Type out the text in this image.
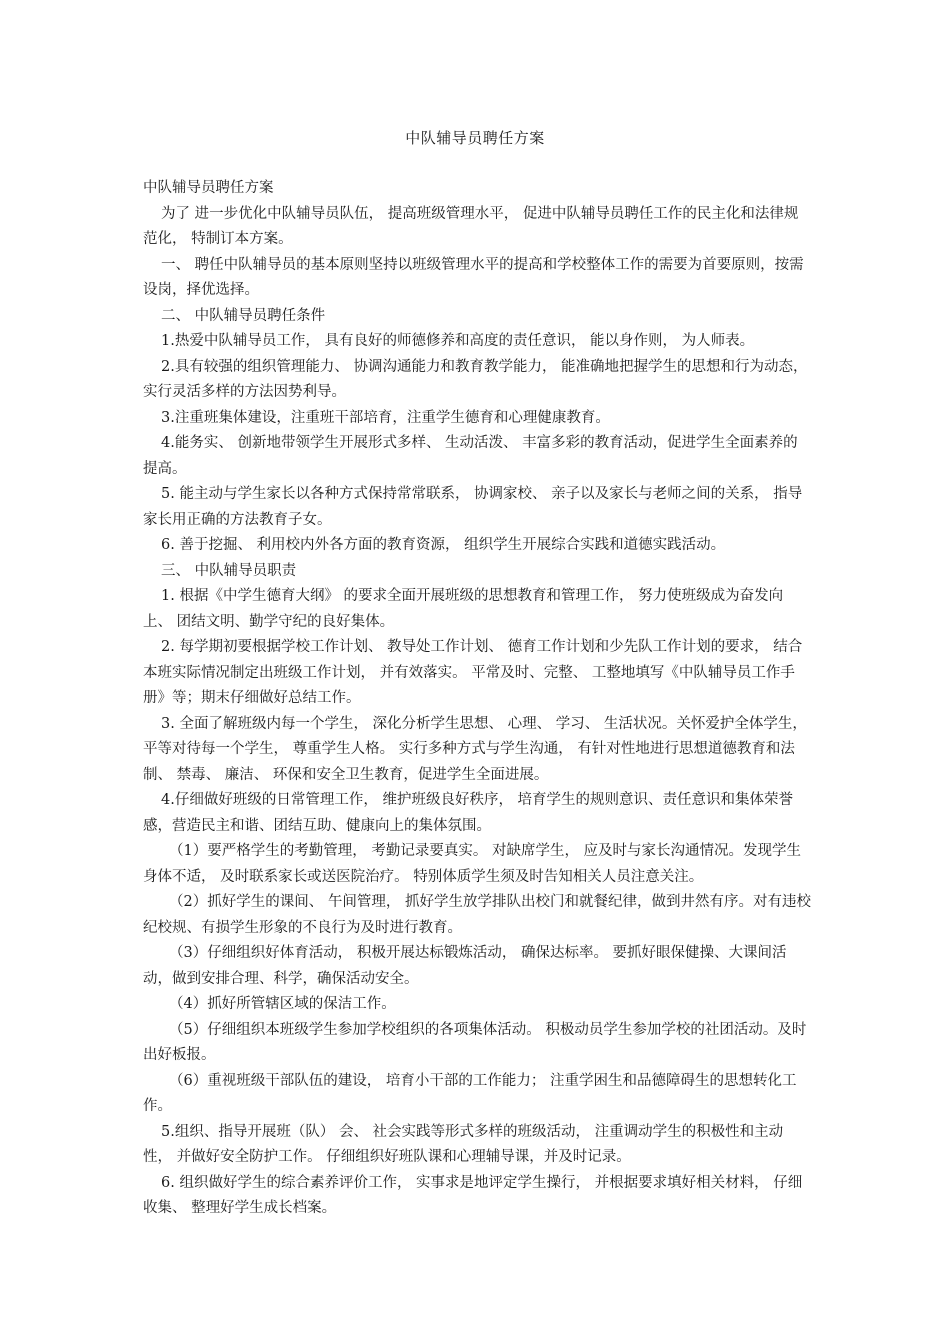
中队辅导员聘任方案

中队辅导员聘任方案

为了 进一步优化中队辅导员队伍， 提高班级管理水平， 促进中队辅导员聘任工作的民主化和法律规范化， 特制订本方案。

一、 聘任中队辅导员的基本原则坚持以班级管理水平的提高和学校整体工作的需要为首要原则，按需设岗，择优选择。

二、 中队辅导员聘任条件

1.热爱中队辅导员工作， 具有良好的师德修养和高度的责任意识， 能以身作则， 为人师表。

2.具有较强的组织管理能力、 协调沟通能力和教育教学能力， 能准确地把握学生的思想和行为动态，实行灵活多样的方法因势利导。

3.注重班集体建设，注重班干部培育，注重学生德育和心理健康教育。

4.能务实、 创新地带领学生开展形式多样、 生动活泼、 丰富多彩的教育活动，促进学生全面素养的提高。

5. 能主动与学生家长以各种方式保持常常联系， 协调家校、 亲子以及家长与老师之间的关系， 指导家长用正确的方法教育子女。

6. 善于挖掘、 利用校内外各方面的教育资源， 组织学生开展综合实践和道德实践活动。

三、 中队辅导员职责

1. 根据《中学生德育大纲》 的要求全面开展班级的思想教育和管理工作， 努力使班级成为奋发向上、 团结文明、勤学守纪的良好集体。

2. 每学期初要根据学校工作计划、 教导处工作计划、 德育工作计划和少先队工作计划的要求， 结合本班实际情况制定出班级工作计划， 并有效落实。 平常及时、完整、 工整地填写《中队辅导员工作手册》等；期末仔细做好总结工作。

3. 全面了解班级内每一个学生， 深化分析学生思想、 心理、 学习、 生活状况。关怀爱护全体学生， 平等对待每一个学生， 尊重学生人格。 实行多种方式与学生沟通， 有针对性地进行思想道德教育和法制、 禁毒、 廉洁、 环保和安全卫生教育，促进学生全面进展。

4.仔细做好班级的日常管理工作， 维护班级良好秩序， 培育学生的规则意识、责任意识和集体荣誉感，营造民主和谐、团结互助、健康向上的集体氛围。

（1）要严格学生的考勤管理， 考勤记录要真实。 对缺席学生， 应及时与家长沟通情况。发现学生身体不适， 及时联系家长或送医院治疗。 特别体质学生须及时告知相关人员注意关注。

（2）抓好学生的课间、 午间管理， 抓好学生放学排队出校门和就餐纪律，做到井然有序。对有违校纪校规、有损学生形象的不良行为及时进行教育。

（3）仔细组织好体育活动， 积极开展达标锻炼活动， 确保达标率。 要抓好眼保健操、大课间活动，做到安排合理、科学，确保活动安全。

（4）抓好所管辖区域的保洁工作。

（5）仔细组织本班级学生参加学校组织的各项集体活动。 积极动员学生参加学校的社团活动。及时出好板报。

（6）重视班级干部队伍的建设， 培育小干部的工作能力； 注重学困生和品德障碍生的思想转化工作。

5.组织、指导开展班（队） 会、 社会实践等形式多样的班级活动， 注重调动学生的积极性和主动性， 并做好安全防护工作。 仔细组织好班队课和心理辅导课，并及时记录。

6. 组织做好学生的综合素养评价工作， 实事求是地评定学生操行， 并根据要求填好相关材料， 仔细收集、 整理好学生成长档案。
